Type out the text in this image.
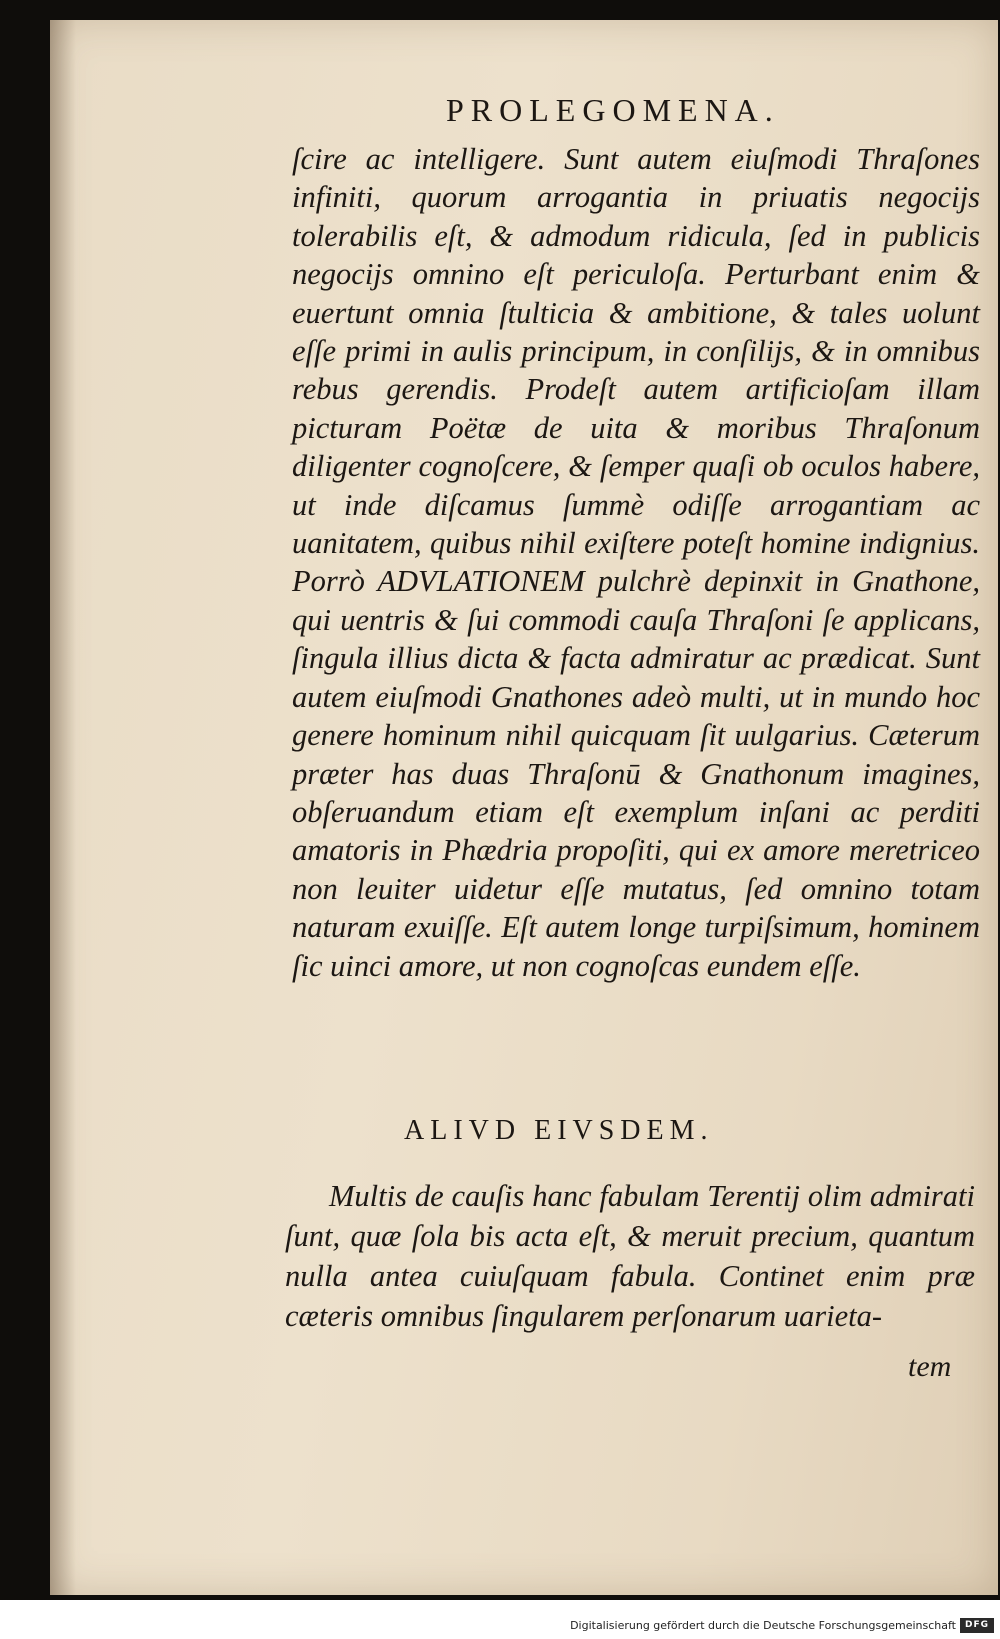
PROLEGOMENA.

ſcire ac intelligere. Sunt autem eiuſmodi Thraſones infiniti, quorum arrogantia in priuatis negocijs tolerabilis eſt, & admodum ridicula, ſed in publicis negocijs omnino eſt periculoſa. Perturbant enim & euertunt omnia ſtulticia & ambitione, & tales uolunt eſſe primi in aulis principum, in conſilijs, & in omnibus rebus gerendis. Prodeſt autem artificioſam illam picturam Poëtæ de uita & moribus Thraſonum diligenter cognoſcere, & ſemper quaſi ob oculos habere, ut inde diſcamus ſummè odiſſe arrogantiam ac uanitatem, quibus nihil exiſtere poteſt homine indignius. Porrò ADVLATIONEM pulchrè depinxit in Gnathone, qui uentris & ſui commodi cauſa Thraſoni ſe applicans, ſingula illius dicta & facta admiratur ac prædicat. Sunt autem eiuſmodi Gnathones adeò multi, ut in mundo hoc genere hominum nihil quicquam ſit uulgarius. Cæterum præter has duas Thraſonū & Gnathonum imagines, obſeruandum etiam eſt exemplum inſani ac perditi amatoris in Phædria propoſiti, qui ex amore meretriceo non leuiter uidetur eſſe mutatus, ſed omnino totam naturam exuiſſe. Eſt autem longe turpiſsimum, hominem ſic uinci amore, ut non cognoſcas eundem eſſe.

ALIVD EIVSDEM.

Multis de cauſis hanc fabulam Terentij olim admirati ſunt, quæ ſola bis acta eſt, & meruit precium, quantum nulla antea cuiuſquam fabula. Continet enim præ cæteris omnibus ſingularem perſonarum uarieta-

tem

Digitalisierung gefördert durch die Deutsche Forschungsgemeinschaft DFG
